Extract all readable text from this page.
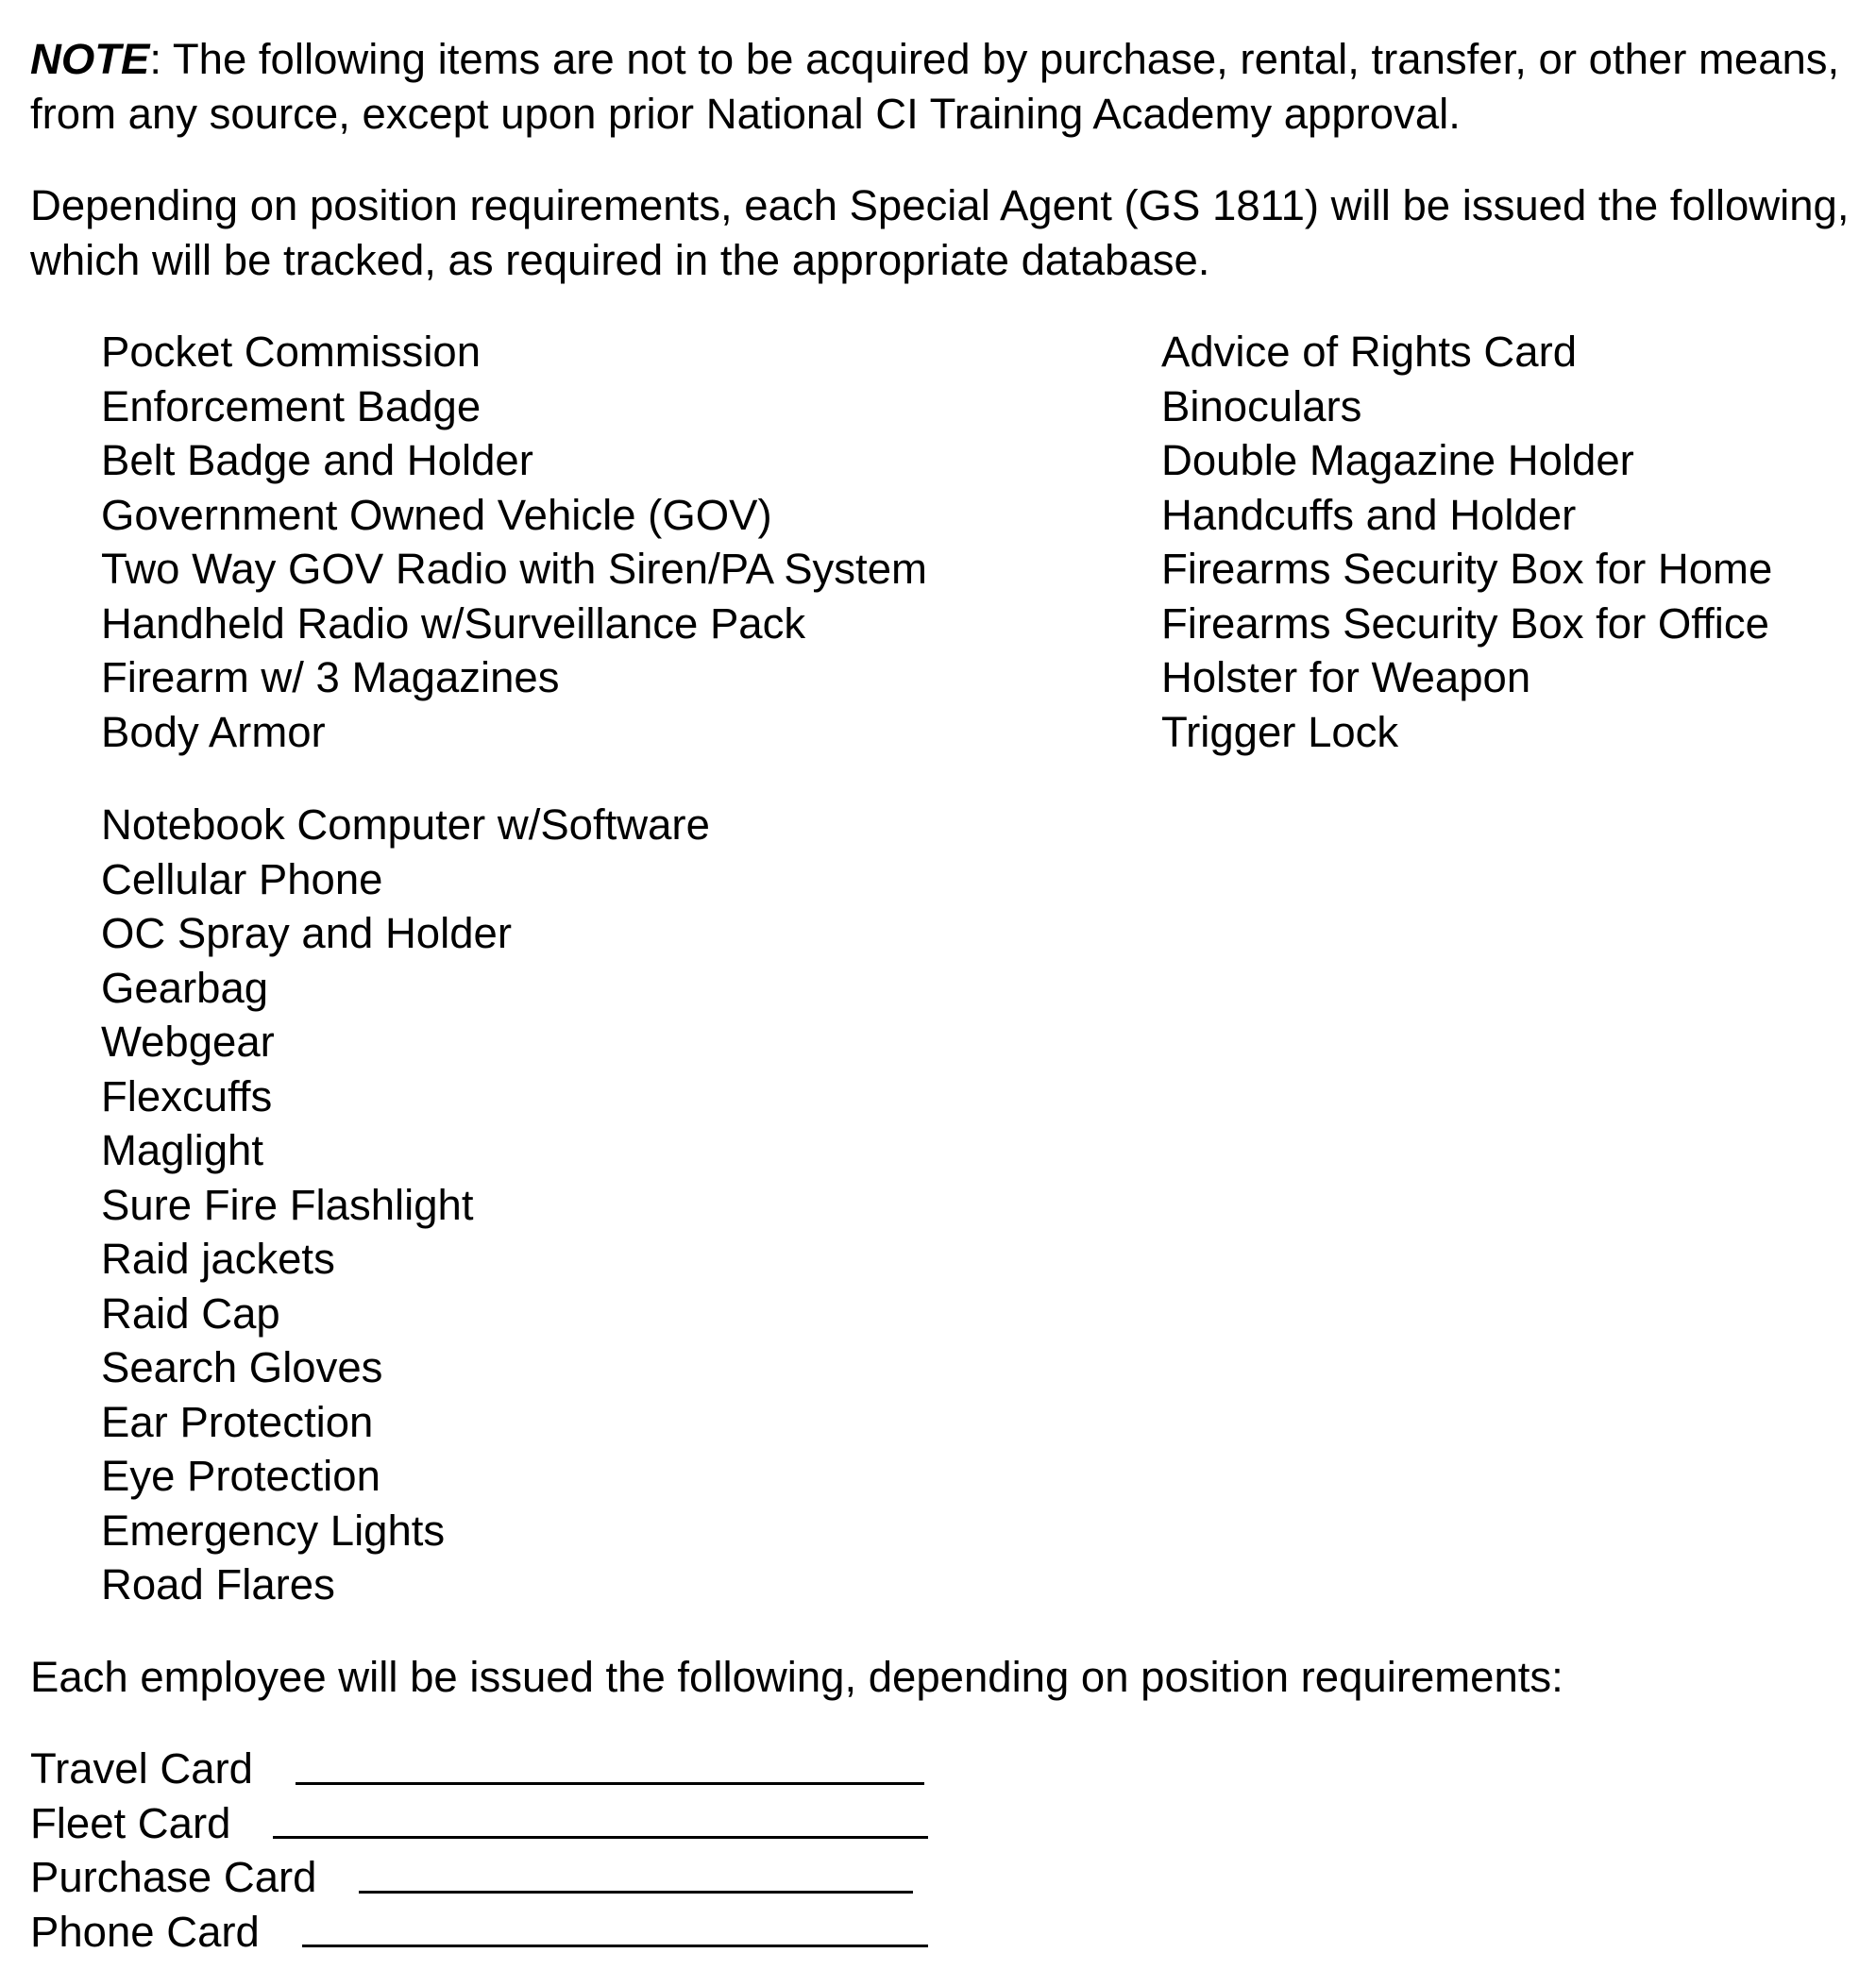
NOTE: The following items are not to be acquired by purchase, rental, transfer, or other means, from any source, except upon prior National CI Training Academy approval.

Depending on position requirements, each Special Agent (GS 1811) will be issued the following, which will be tracked, as required in the appropriate database.

Pocket Commission
Enforcement Badge
Belt Badge and Holder
Government Owned Vehicle (GOV)
Two Way GOV Radio with Siren/PA System
Handheld Radio w/Surveillance Pack
Firearm w/ 3 Magazines
Body Armor
Notebook Computer w/Software
Cellular Phone
OC Spray and Holder
Gearbag
Webgear
Flexcuffs
Maglight
Sure Fire Flashlight
Raid jackets
Raid Cap
Search Gloves
Ear Protection
Eye Protection
Emergency Lights
Road Flares
Advice of Rights Card
Binoculars
Double Magazine Holder
Handcuffs and Holder
Firearms Security Box for Home
Firearms Security Box for Office
Holster for Weapon
Trigger Lock

Each employee will be issued the following, depending on position requirements:

Travel Card
Fleet Card
Purchase Card
Phone Card
